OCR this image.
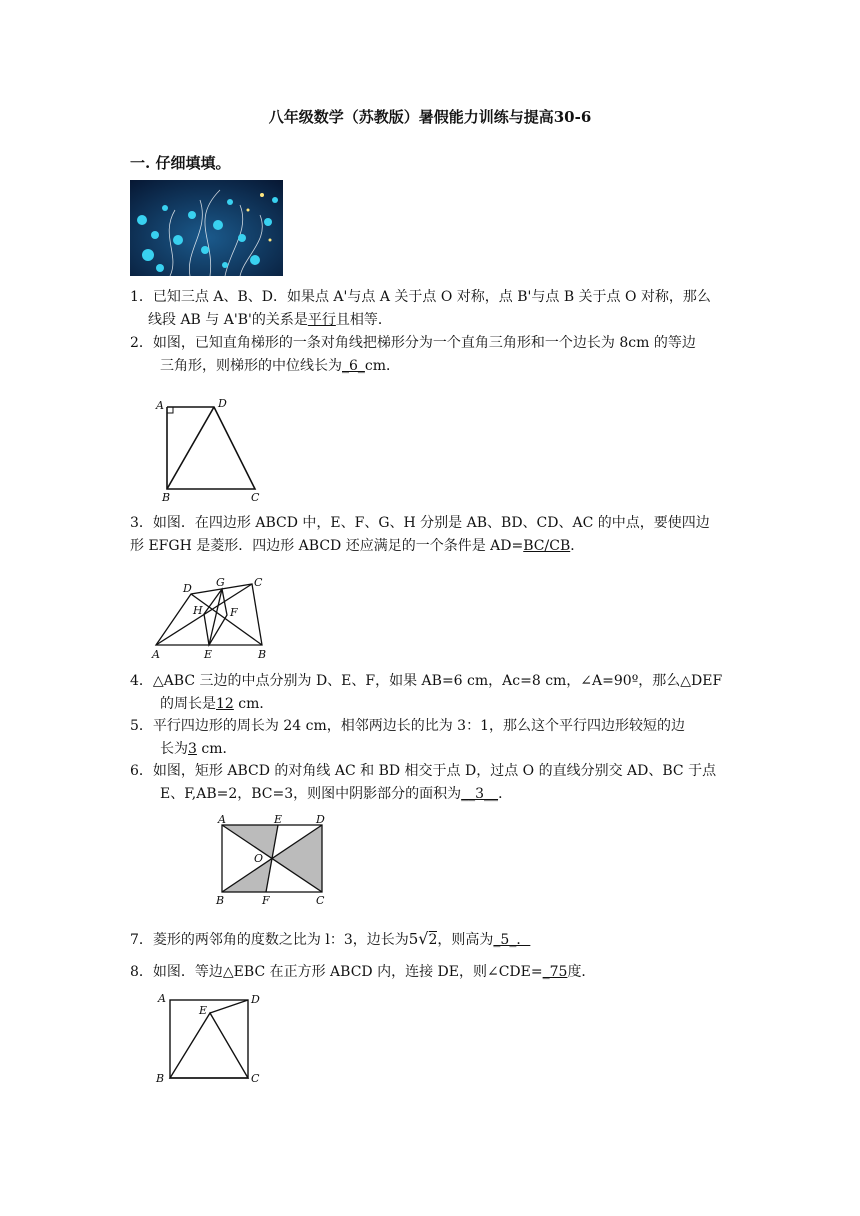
八年级数学（苏教版）暑假能力训练与提高30-6
一. 仔细填填。
1．已知三点 A、B、D．如果点 A'与点 A 关于点 O 对称，点 B'与点 B 关于点 O 对称，那么
线段 AB 与 A'B'的关系是平行且相等．
2．如图，已知直角梯形的一条对角线把梯形分为一个直角三角形和一个边长为 8cm 的等边
三角形，则梯形的中位线长为_6_cm．
A	D
B	C
3．如图．在四边形 ABCD 中，E、F、G、H 分别是 AB、BD、CD、AC 的中点，要使四边
形 EFGH 是菱形．四边形 ABCD 还应满足的一个条件是 AD=BC/CB．
D G	C
H F
A	E	B
4．△ABC 三边的中点分别为 D、E、F，如果 AB=6 cm，Ac=8 cm，∠A=90º，那么△DEF
的周长是12 cm．
5．平行四边形的周长为 24 cm，相邻两边长的比为 3：1，那么这个平行四边形较短的边
长为3 cm．
6．如图，矩形 ABCD 的对角线 AC 和 BD 相交于点 D，过点 O 的直线分别交 AD、BC 于点
E、F,AB=2，BC=3，则图中阴影部分的面积为__3__．
A	E	D
O
B	F	C
7．菱形的两邻角的度数之比为 l：3，边长为5√2，则高为_5_．
8．如图．等边△EBC 在正方形 ABCD 内，连接 DE，则∠CDE=_75度．
A	D
E
B	C
